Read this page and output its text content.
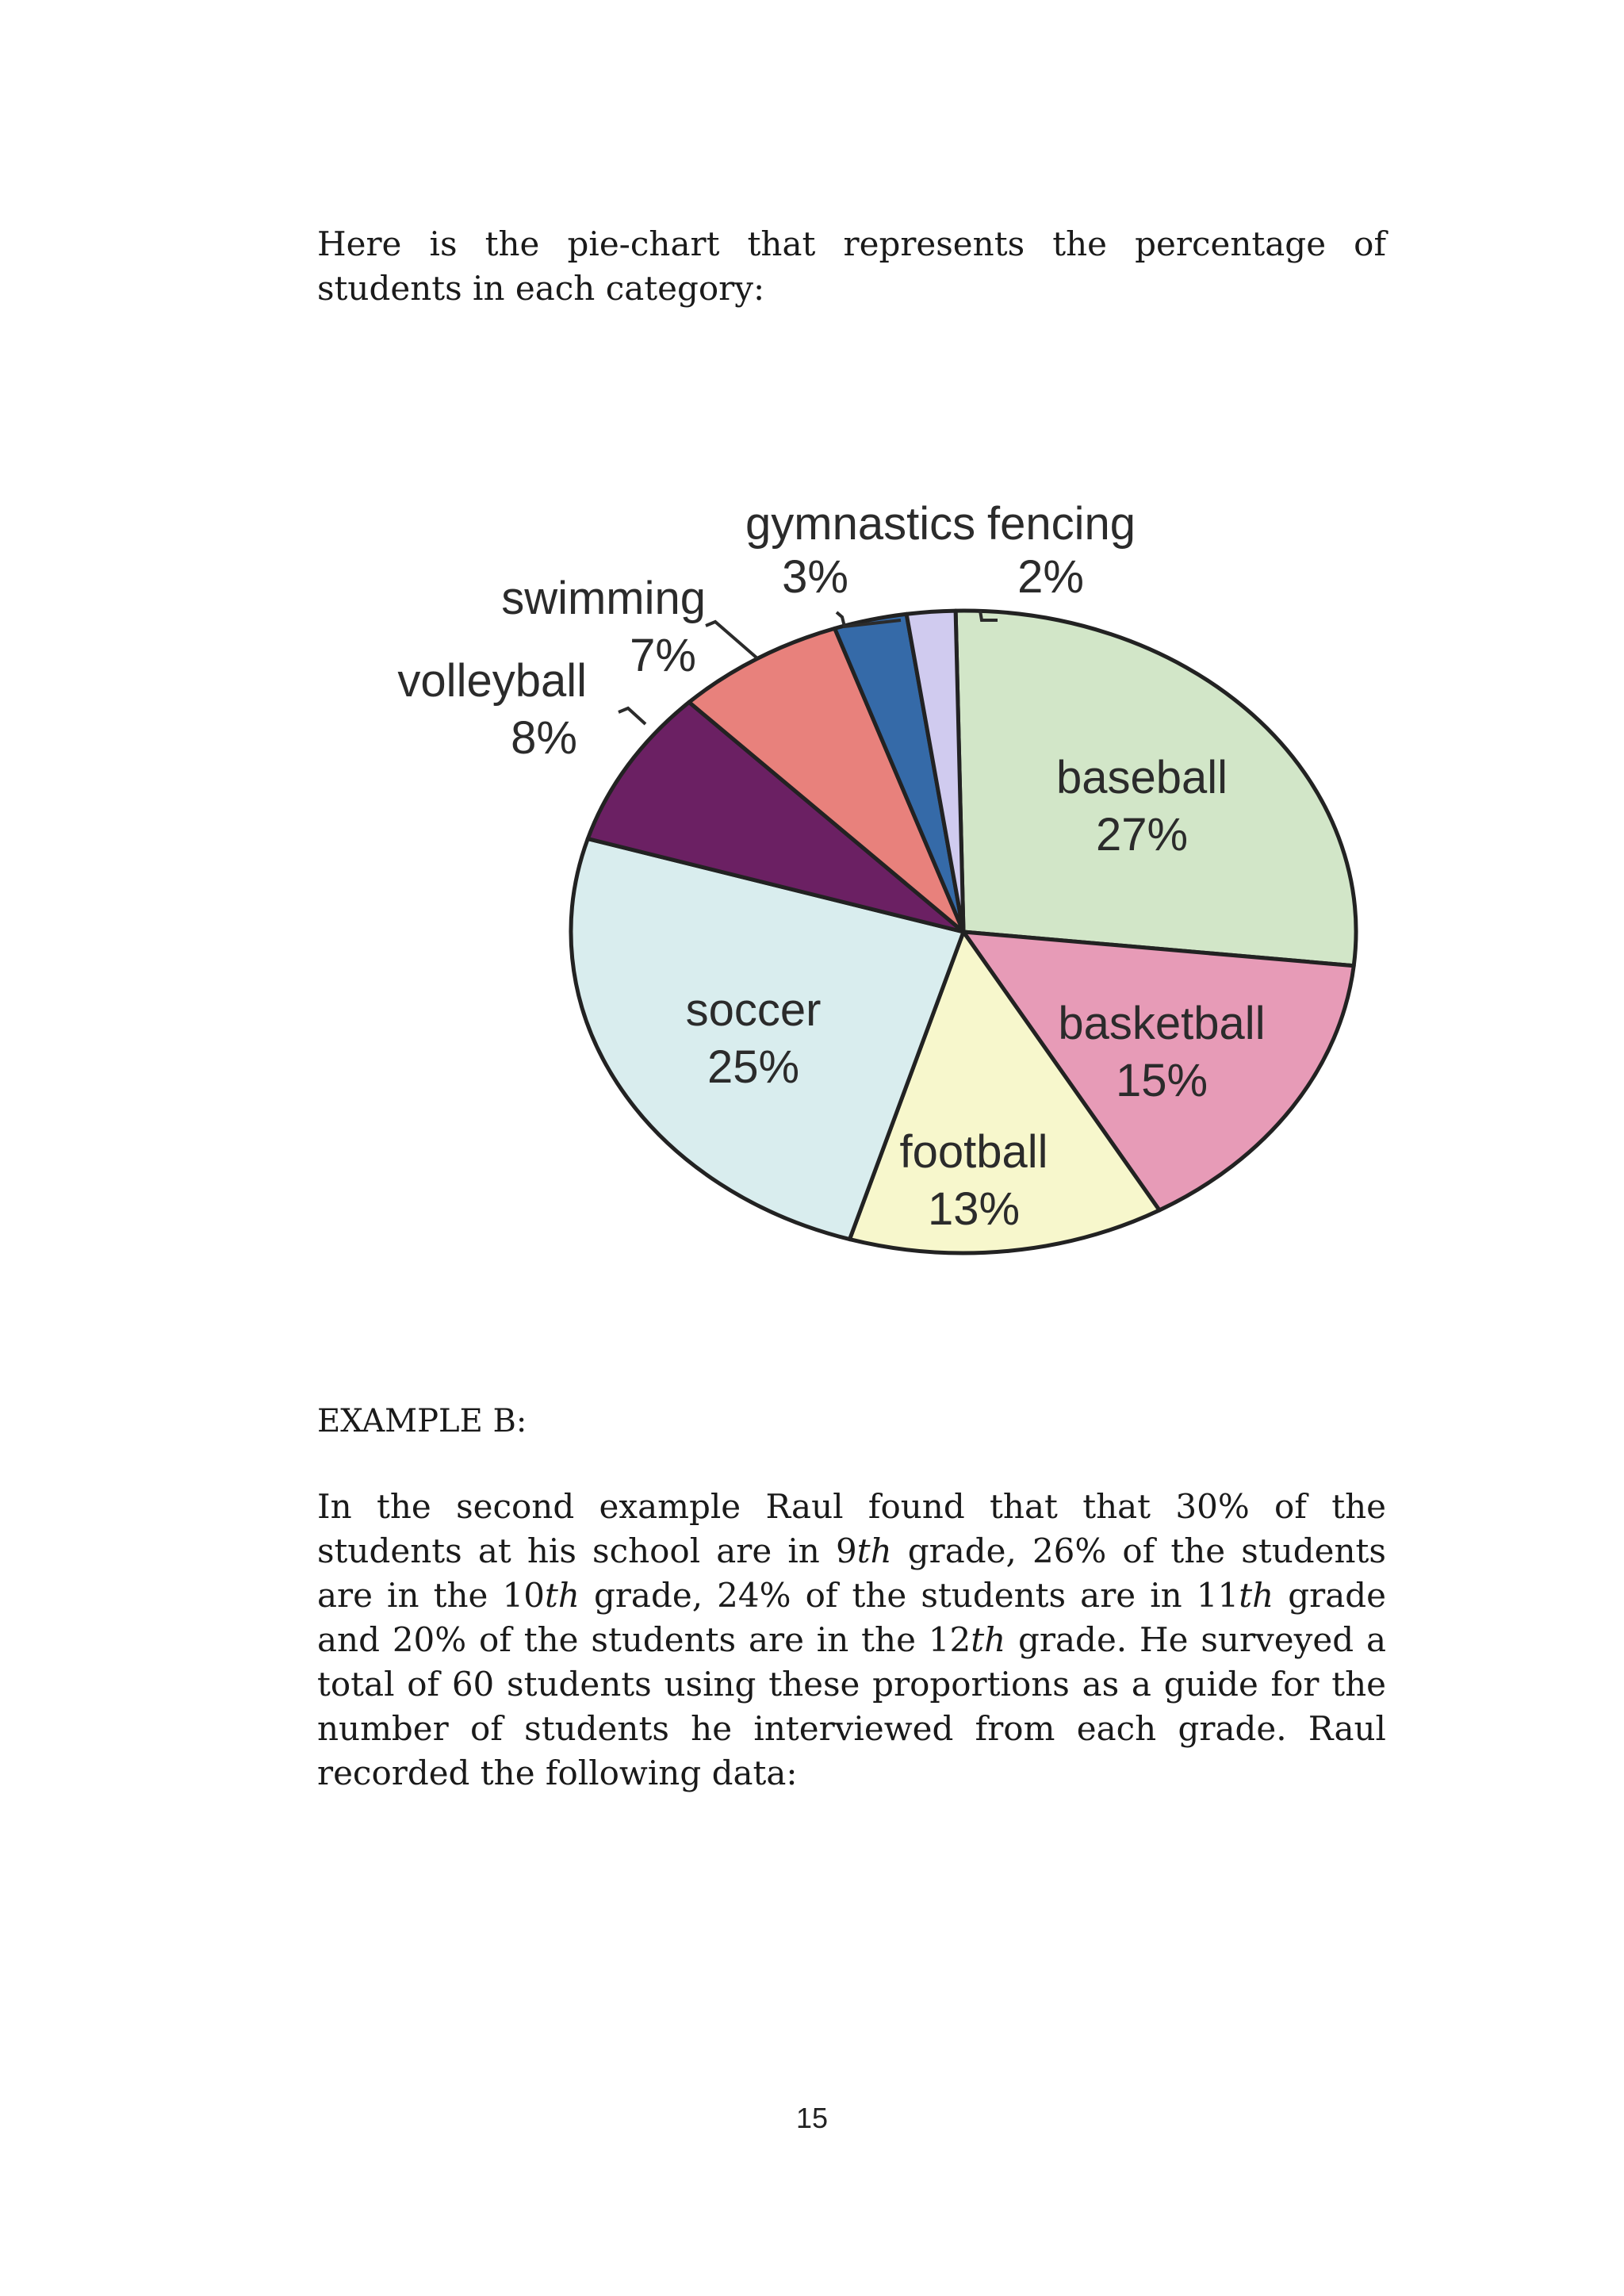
Here is the pie-chart that represents the percentage of students in each category:

baseball 27%
basketball 15%
football 13%
soccer 25%
volleyball 8%
swimming 7%
3%
gymnastics
2%
fencing
EXAMPLE B:

In the second example Raul found that that 30% of the students at his school are in 9th grade, 26% of the students are in the 10th grade, 24% of the students are in 11th grade and 20% of the students are in the 12th grade. He surveyed a total of 60 students using these proportions as a guide for the number of students he interviewed from each grade. Raul recorded the following data:

15
